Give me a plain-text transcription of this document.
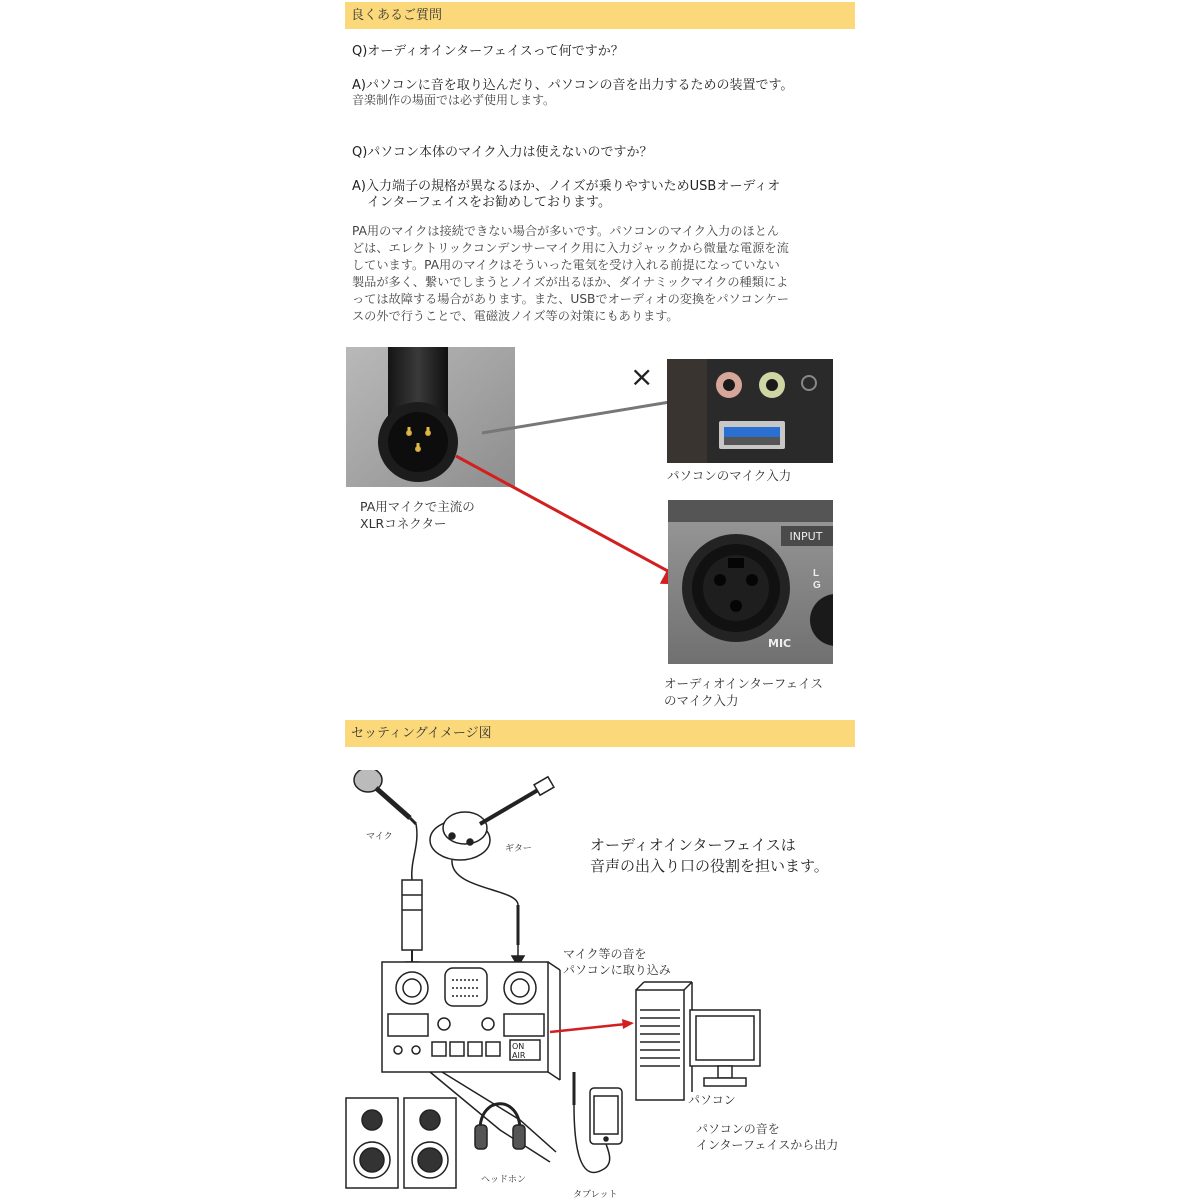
良くあるご質問
Q)オーディオインターフェイスって何ですか？
A)パソコンに音を取り込んだり、パソコンの音を出力するための装置です。
音楽制作の場面では必ず使用します。
Q)パソコン本体のマイク入力は使えないのですか？
A)入力端子の規格が異なるほか、ノイズが乗りやすいためUSBオーディオ
インターフェイスをお勧めしております。
PA用のマイクは接続できない場合が多いです。パソコンのマイク入力のほとん
どは、エレクトリックコンデンサーマイク用に入力ジャックから微量な電源を流
しています。PA用のマイクはそういった電気を受け入れる前提になっていない
製品が多く、繋いでしまうとノイズが出るほか、ダイナミックマイクの種類によ
っては故障する場合があります。また、USBでオーディオの変換をパソコンケー
スの外で行うことで、電磁波ノイズ等の対策にもあります。
×
パソコンのマイク入力
PA用マイクで主流の
XLRコネクター
L
G
INPUT
MIC
オーディオインターフェイス
のマイク入力
セッティングイメージ図
ON
AIR
マイク
ギター	オーディオインターフェイスは
音声の出入り口の役割を担います。
マイク等の音を
パソコンに取り込み
パソコン
パソコンの音を
インターフェイスから出力
ヘッドホン
タブレット
